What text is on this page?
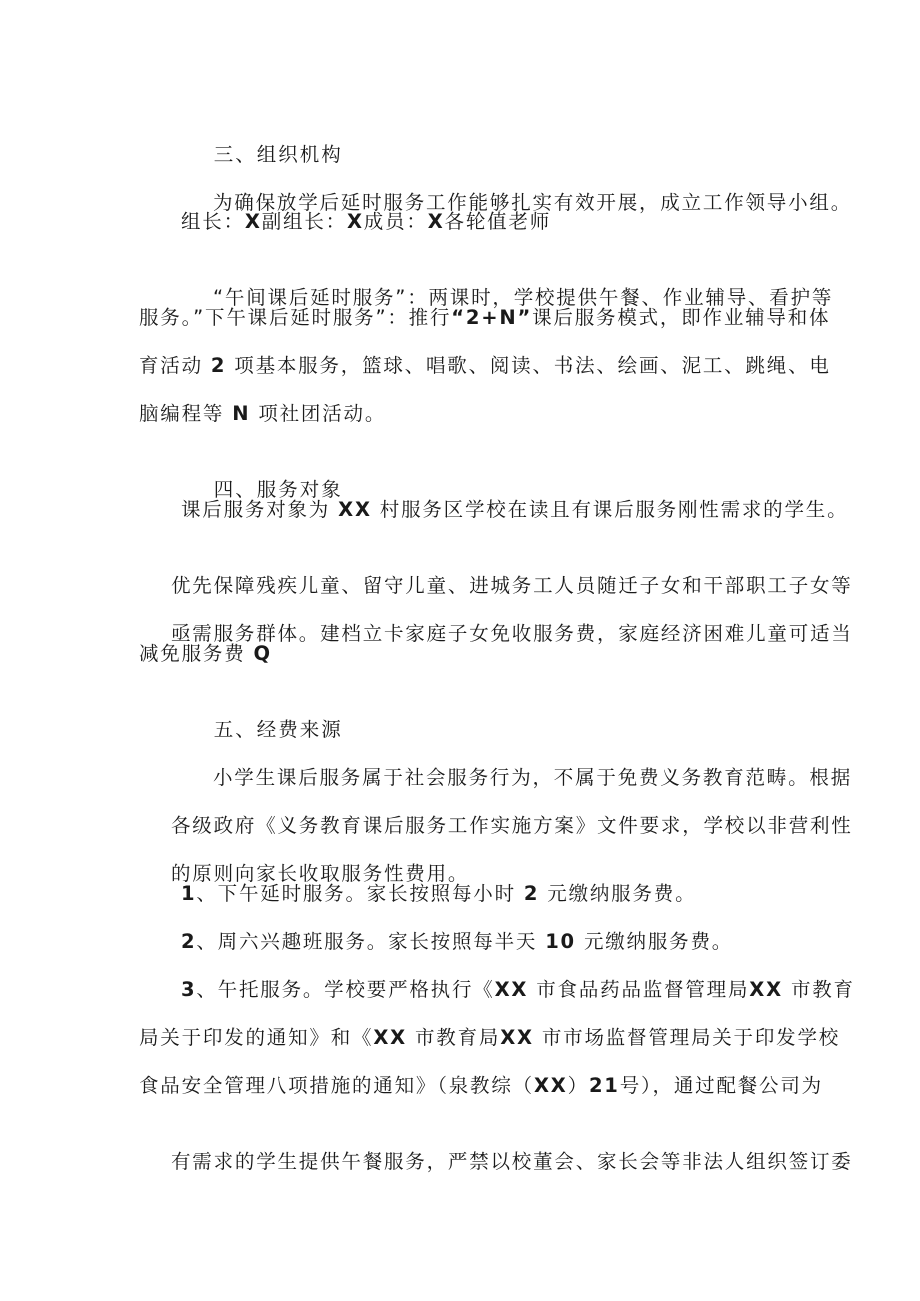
三、组织机构

为确保放学后延时服务工作能够扎实有效开展，成立工作领导小组。

组长：X副组长：X成员：X各轮值老师

“午间课后延时服务”：两课时，学校提供午餐、作业辅导、看护等

服务。”下午课后延时服务”：推行“2+N”课后服务模式，即作业辅导和体
育活动 2 项基本服务，篮球、唱歌、阅读、书法、绘画、泥工、跳绳、电
脑编程等 N 项社团活动。

四、服务对象

课后服务对象为 XX 村服务区学校在读且有课后服务刚性需求的学生。

优先保障残疾儿童、留守儿童、进城务工人员随迁子女和干部职工子女等

亟需服务群体。建档立卡家庭子女免收服务费，家庭经济困难儿童可适当

减免服务费 Q

五、经费来源

小学生课后服务属于社会服务行为，不属于免费义务教育范畴。根据

各级政府《义务教育课后服务工作实施方案》文件要求，学校以非营利性

的原则向家长收取服务性费用。

1、下午延时服务。家长按照每小时 2 元缴纳服务费。
2、周六兴趣班服务。家长按照每半天 10 元缴纳服务费。
3、午托服务。学校要严格执行《XX 市食品药品监督管理局XX 市教育
局关于印发的通知》和《XX 市教育局XX 市市场监督管理局关于印发学校
食品安全管理八项措施的通知》（泉教综（XX）21号），通过配餐公司为

有需求的学生提供午餐服务，严禁以校董会、家长会等非法人组织签订委
